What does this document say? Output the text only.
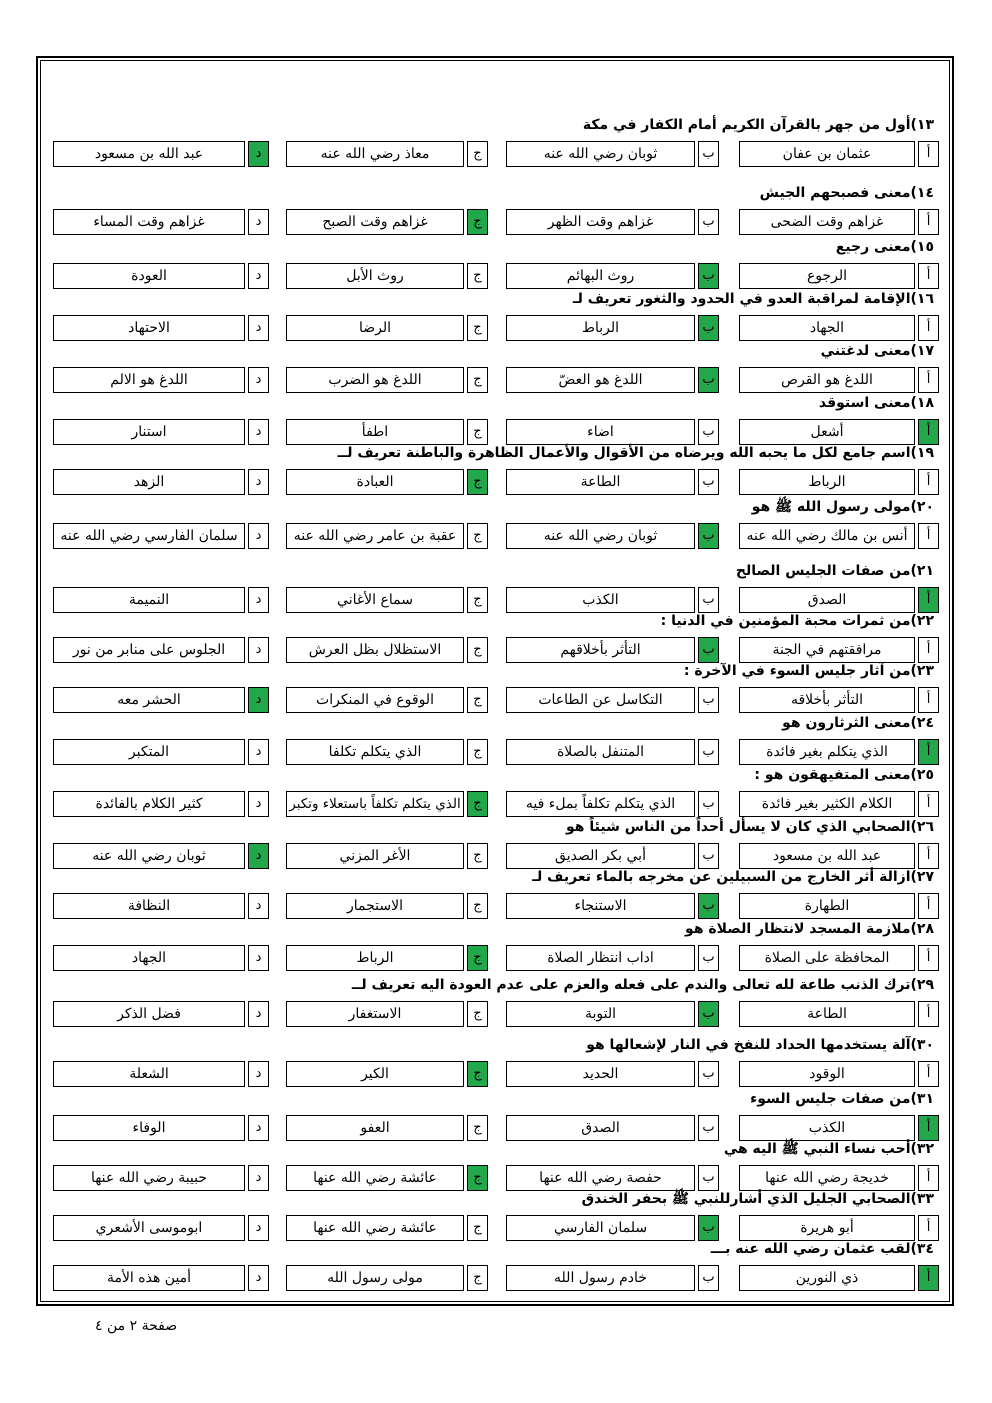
١٣)أول من جهر بالقرآن الكريم أمام الكفار في مكة
عثمان بن عفان	أ
ثوبان رضي الله عنه	ب
معاذ رضي الله عنه	ج
عبد الله بن مسعود	د
١٤)معنى فصبحهم الجيش
غزاهم وقت الضحى	أ
غزاهم وقت الظهر	ب
غزاهم وقت الصبح	ج
غزاهم وقت المساء	د
١٥)معنى رجيع
الرجوع	أ
روث البهائم	ب
روث الأبل	ج
العودة	د
١٦)الإقامة لمراقبة العدو في الحدود والثغور تعريف لـ
الجهاد	أ
الرباط	ب
الرضا	ج
الاحتهاد	د
١٧)معنى لدغتني
اللدغ هو القرص	أ
اللدغ هو العضّ	ب
اللدغ هو الضرب	ج
اللدغ هو الالم	د
١٨)معنى استوقد
أشعل	أ
اضاء	ب
اطفأ	ج
استنار	د
١٩)اسم جامع لكل ما يحبه الله ويرضاه من الأقوال والأعمال الظاهرة والباطنة تعريف لــ
الرباط	أ
الطاعة	ب
العبادة	ج
الزهد	د
٢٠)مولى رسول الله ﷺ هو
أنس بن مالك رضي الله عنه	أ
ثوبان رضي الله عنه	ب
عقبة بن عامر رضي الله عنه	ج
سلمان الفارسي رضي الله عنه	د
٢١)من صفات الجليس الصالح
الصدق	أ
الكذب	ب
سماع الأغاني	ج
النميمة	د
٢٢)من ثمرات محبة المؤمنين في الدنيا :
مرافقتهم في الجنة	أ
التأثر بأخلاقهم	ب
الاستظلال بظل العرش	ج
الجلوس على منابر من نور	د
٢٣)من آثار جليس السوء في الآخرة :
التأثر بأخلاقه	أ
التكاسل عن الطاعات	ب
الوقوع في المنكرات	ج
الحشر معه	د
٢٤)معنى الثرثارون هو
الذي يتكلم بغير فائدة	أ
المتنفل بالصلاة	ب
الذي يتكلم تكلفا	ج
المتكبر	د
٢٥)معنى المتفيهقون هو :
الكلام الكثير بغير فائدة	أ
الذي يتكلم تكلفاً بملء فيه	ب
الذي يتكلم تكلفاً باستعلاء وتكبر ج
كثير الكلام بالفائدة	د
٢٦)الصحابي الذي كان لا يسأل أحداً من الناس شيئاً هو
عبد الله بن مسعود	أ
أبي بكر الصديق	ب
الأغر المزني	ج
ثوبان رضي الله عنه	د
٢٧)ازالة أثر الخارج من السبيلين عن مخرجه بالماء تعريف لـ
الطهارة	أ
الاستنجاء	ب
الاستجمار	ج
النظافة	د
٢٨)ملازمة المسجد لانتظار الصلاة هو
المحافظة على الصلاة	أ
اداب انتظار الصلاة	ب
الرباط	ج
الجهاد	د
٢٩)ترك الذنب طاعة لله تعالى والندم على فعله والعزم على عدم العودة اليه تعريف لــ
الطاعة	أ
التوبة	ب
الاستغفار	ج
فضل الذكر	د
٣٠)آلة يستخدمها الحداد للنفخ في النار لإشعالها هو
الوقود	أ
الحديد	ب
الكير	ج
الشعلة	د
٣١)من صفات جليس السوء
الكذب	أ
الصدق	ب
العفو	ج
الوفاء	د
٣٢)أحب نساء النبي ﷺ اليه هي
خديجة رضي الله عنها	أ
حفصة رضي الله عنها	ب
عائشة رضي الله عنها	ج
حبيبة رضي الله عنها	د
٣٣)الصحابي الجليل الذي أشارللنبي ﷺ بحفر الخندق
أبو هريرة	أ
سلمان الفارسي	ب
عائشة رضي الله عنها	ج
ابوموسى الأشعري	د
٣٤)لقب عثمان رضي الله عنه بـــ
ذي النورين	أ
خادم رسول الله	ب
مولى رسول الله	ج
أمين هذه الأمة	د
صفحة ٢ من ٤
